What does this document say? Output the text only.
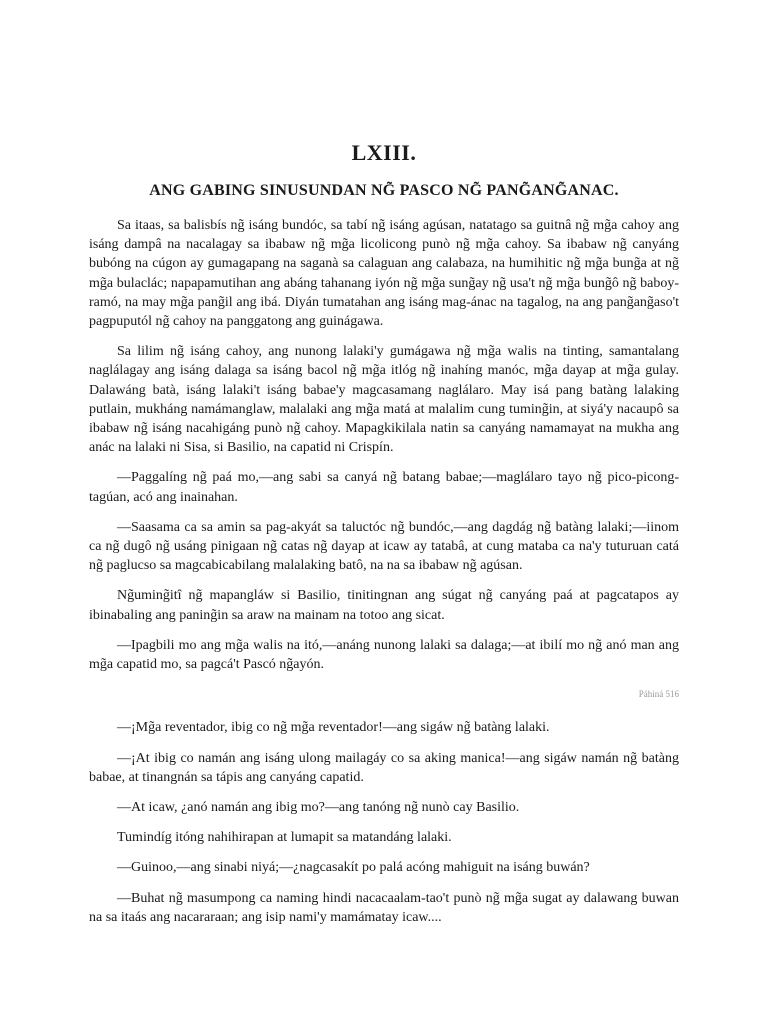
LXIII.
ANG GABING SINUSUNDAN NG̃ PASCO NG̃ PANG̃ANG̃ANAC.

Sa itaas, sa balisbís ng̃ isáng bundóc, sa tabí ng̃ isáng agúsan, natatago sa guitnâ ng̃ mg̃a cahoy ang isáng dampâ na nacalagay sa ibabaw ng̃ mg̃a licolicong punò ng̃ mg̃a cahoy. Sa ibabaw ng̃ canyáng bubóng na cúgon ay gumagapang na saganà sa calaguan ang calabaza, na humihitic ng̃ mg̃a bung̃a at ng̃ mg̃a bulaclác; napapamutihan ang abáng tahanang iyón ng̃ mg̃a sung̃ay ng̃ usa't ng̃ mg̃a bung̃ô ng̃ baboy-ramó, na may mg̃a pang̃il ang ibá. Diyán tumatahan ang isáng mag-ánac na tagalog, na ang pang̃ang̃aso't pagpuputól ng̃ cahoy na panggatong ang guinágawa.

Sa lilim ng̃ isáng cahoy, ang nunong lalaki'y gumágawa ng̃ mg̃a walis na tinting, samantalang naglálagay ang isáng dalaga sa isáng bacol ng̃ mg̃a itlóg ng̃ inahíng manóc, mg̃a dayap at mg̃a gulay. Dalawáng batà, isáng lalaki't isáng babae'y magcasamang naglálaro. May isá pang batàng lalaking putlain, mukháng namámanglaw, malalaki ang mg̃a matá at malalim cung tuming̃in, at siyá'y nacaupô sa ibabaw ng̃ isáng nacahigáng punò ng̃ cahoy. Mapagkikilala natin sa canyáng namamayat na mukha ang anác na lalaki ni Sisa, si Basilio, na capatid ni Crispín.

—Paggalíng ng̃ paá mo,—ang sabi sa canyá ng̃ batang babae;—maglálaro tayo ng̃ pico-picong-tagúan, acó ang inainahan.

—Saasama ca sa amin sa pag-akyát sa taluctóc ng̃ bundóc,—ang dagdág ng̃ batàng lalaki;—iinom ca ng̃ dugô ng̃ usáng pinigaan ng̃ catas ng̃ dayap at icaw ay tatabâ, at cung mataba ca na'y tuturuan catá ng̃ paglucso sa magcabicabilang malalaking batô, na na sa ibabaw ng̃ agúsan.

Ng̃uming̃itî ng̃ mapangláw si Basilio, tinitingnan ang súgat ng̃ canyáng paá at pagcatapos ay ibinabaling ang paning̃in sa araw na mainam na totoo ang sicat.

—Ipagbili mo ang mg̃a walis na itó,—anáng nunong lalaki sa dalaga;—at ibilí mo ng̃ anó man ang mg̃a capatid mo, sa pagcá't Pascó ng̃ayón.

Páhiná 516

—¡Mg̃a reventador, ibig co ng̃ mg̃a reventador!—ang sigáw ng̃ batàng lalaki.

—¡At ibig co namán ang isáng ulong mailagáy co sa aking manica!—ang sigáw namán ng̃ batàng babae, at tinangnán sa tápis ang canyáng capatid.

—At icaw, ¿anó namán ang ibig mo?—ang tanóng ng̃ nunò cay Basilio.

Tumindíg itóng nahihirapan at lumapit sa matandáng lalaki.

—Guinoo,—ang sinabi niyá;—¿nagcasakít po palá acóng mahiguit na isáng buwán?

—Buhat ng̃ masumpong ca naming hindi nacacaalam-tao't punò ng̃ mg̃a sugat ay dalawang buwan na sa itaás ang nacararaan; ang isip nami'y mamámatay icaw....
